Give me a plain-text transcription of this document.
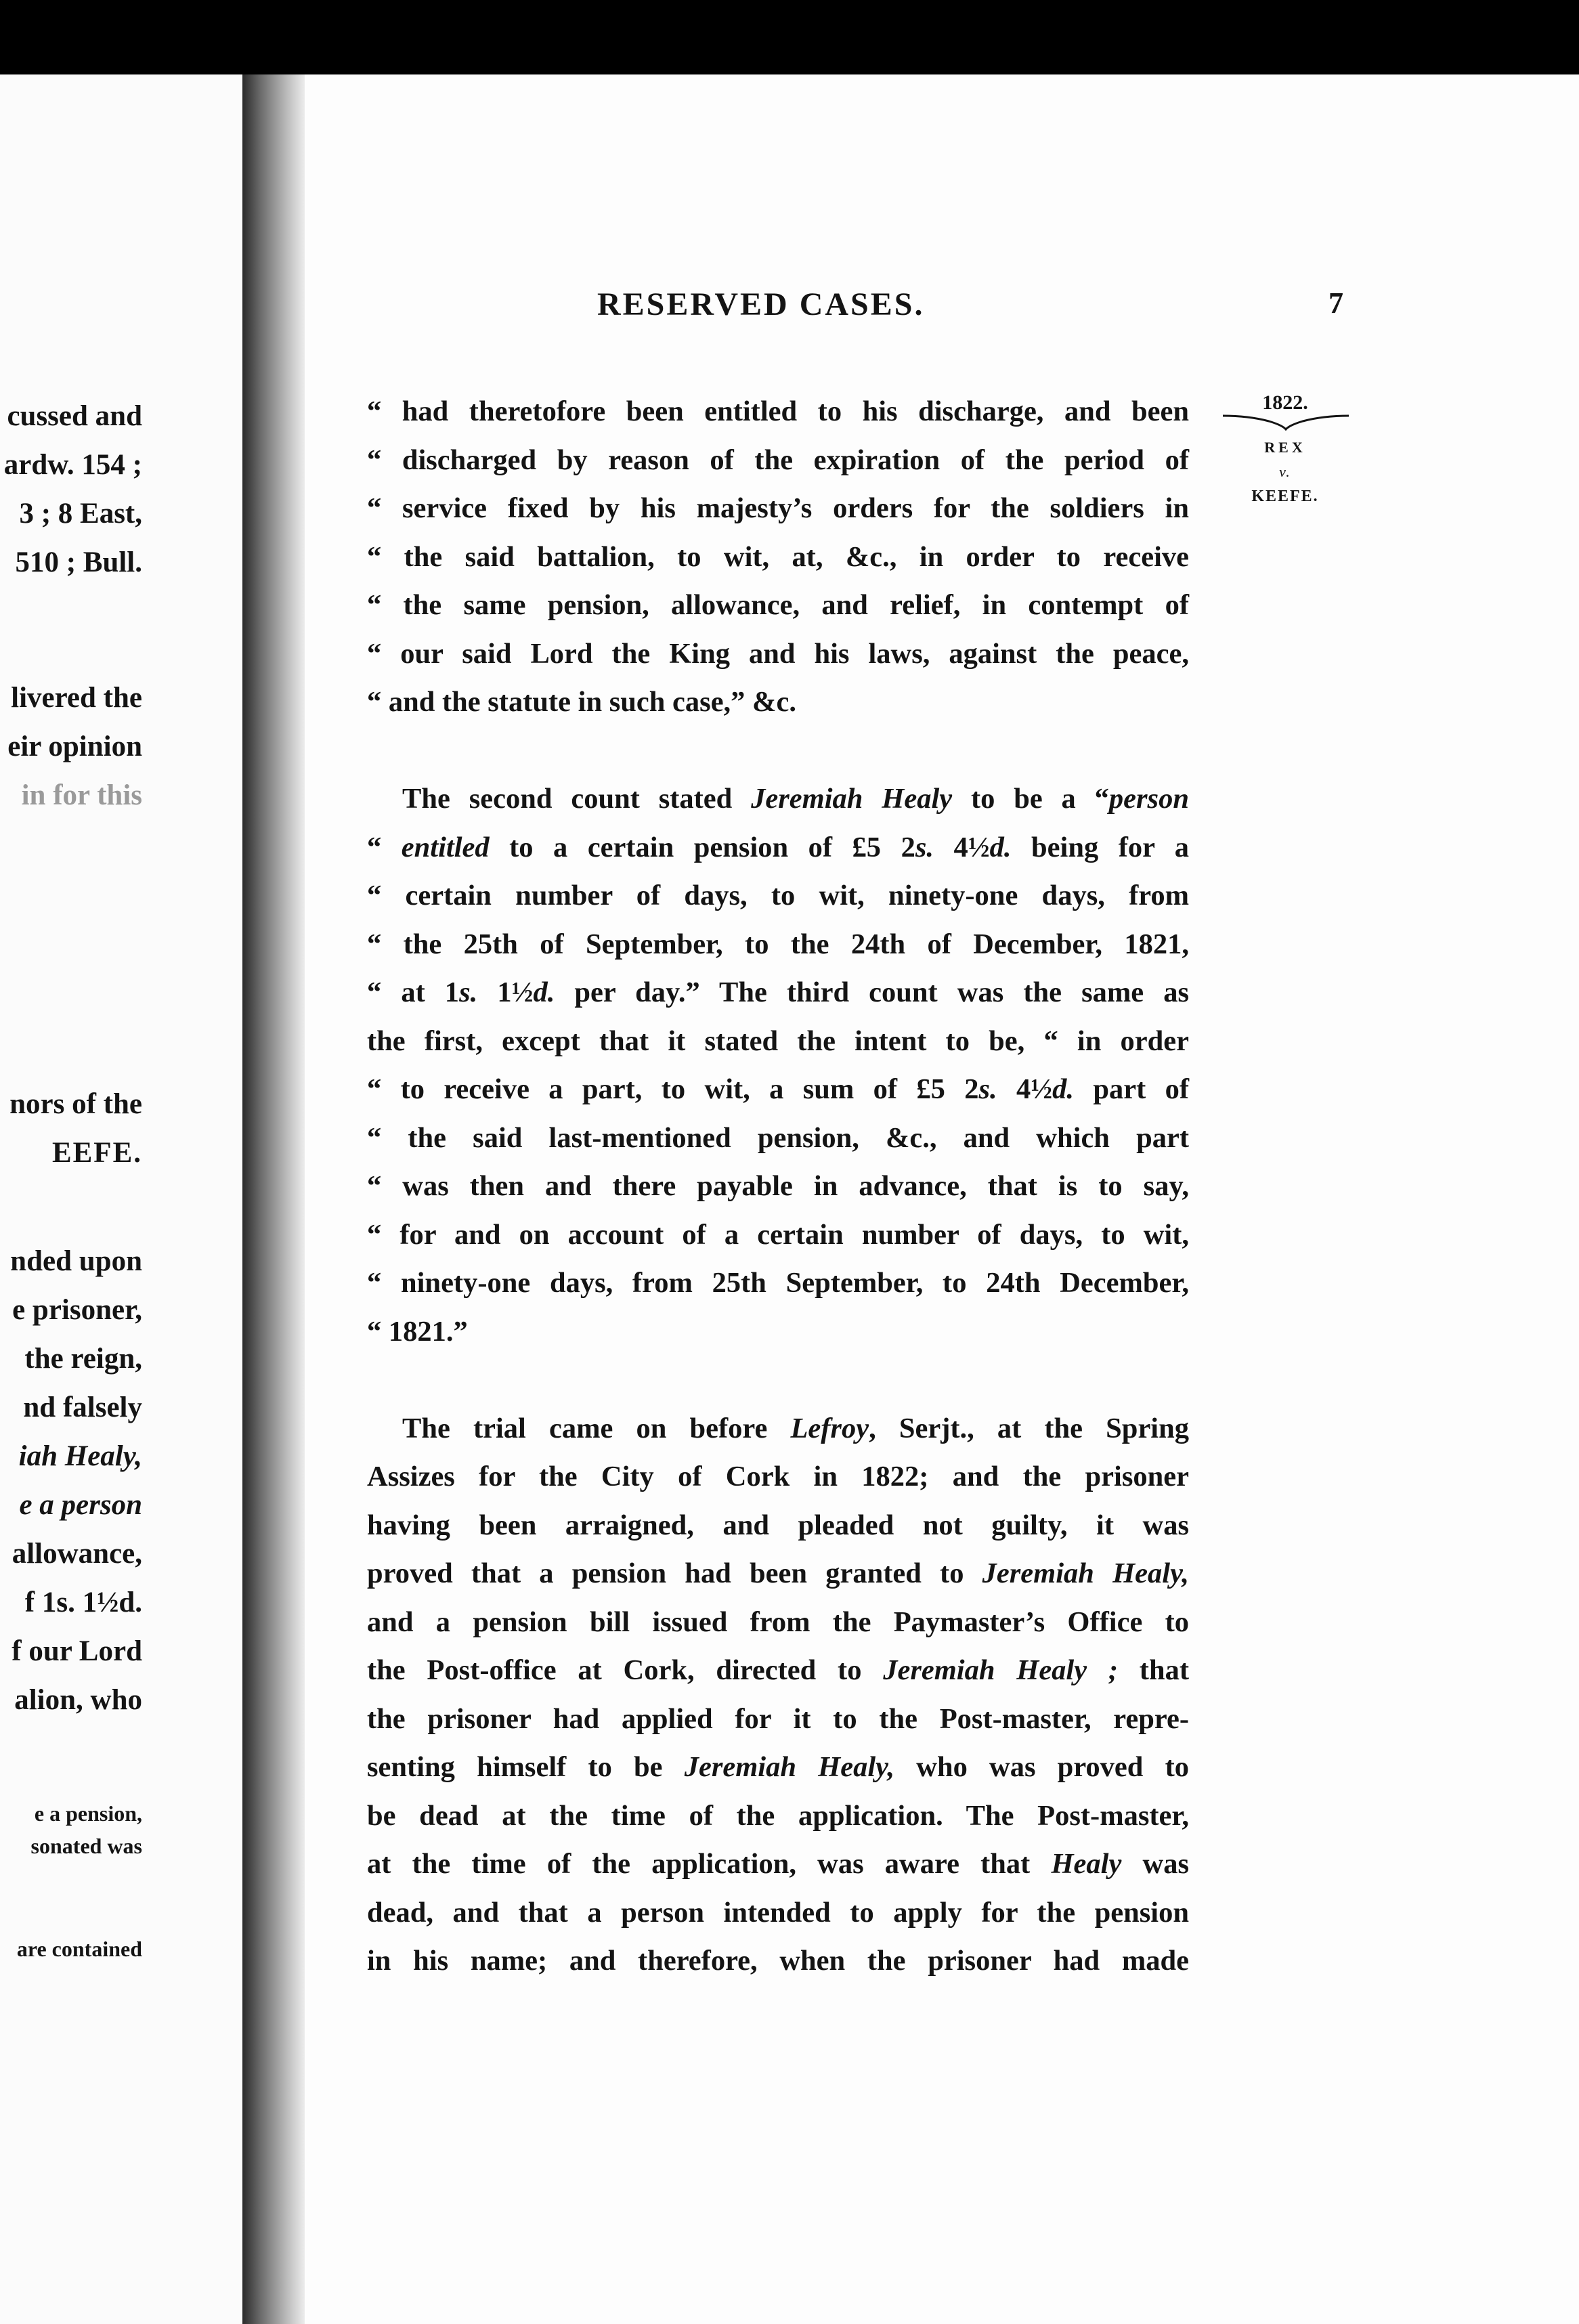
cussed and
ardw. 154 ;
3 ; 8 East,
510 ; Bull.
livered the
eir opinion
in for this
nors of the
EEFE.
nded upon
e prisoner,
the reign,
nd falsely
iah Healy,
e a person
allowance,
f 1s. 1½d.
f our Lord
alion, who
e a pension,
sonated was
are contained
RESERVED CASES.	7
1822.
REX
v.
KEEFE.
“ had theretofore been entitled to his discharge, and been
“ discharged by reason of the expiration of the period of
“ service fixed by his majesty’s orders for the soldiers in
“ the said battalion, to wit, at, &c., in order to receive
“ the same pension, allowance, and relief, in contempt of
“ our said Lord the King and his laws, against the peace,
“ and the statute in such case,” &c.
The second count stated Jeremiah Healy to be a “person
“ entitled to a certain pension of £5 2s. 4½d. being for a
“ certain number of days, to wit, ninety-one days, from
“ the 25th of September, to the 24th of December, 1821,
“ at 1s. 1½d. per day.” The third count was the same as
the first, except that it stated the intent to be, “ in order
“ to receive a part, to wit, a sum of £5 2s. 4½d. part of
“ the said last-mentioned pension, &c., and which part
“ was then and there payable in advance, that is to say,
“ for and on account of a certain number of days, to wit,
“ ninety-one days, from 25th September, to 24th December,
“ 1821.”
The trial came on before Lefroy, Serjt., at the Spring
Assizes for the City of Cork in 1822; and the prisoner
having been arraigned, and pleaded not guilty, it was
proved that a pension had been granted to Jeremiah Healy,
and a pension bill issued from the Paymaster’s Office to
the Post-office at Cork, directed to Jeremiah Healy ; that
the prisoner had applied for it to the Post-master, repre-
senting himself to be Jeremiah Healy, who was proved to
be dead at the time of the application. The Post-master,
at the time of the application, was aware that Healy was
dead, and that a person intended to apply for the pension
in his name; and therefore, when the prisoner had made
